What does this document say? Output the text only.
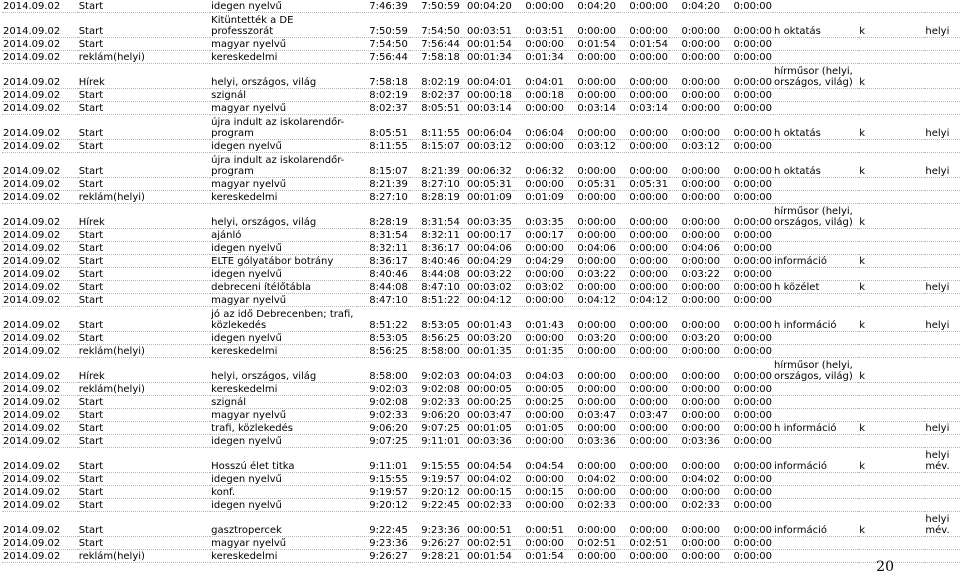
2014.09.02	Start	idegen nyelvű	7:46:39	7:50:59	00:04:20	0:00:00	0:04:20	0:00:00	0:04:20	0:00:00			
2014.09.02	Start	Kitüntették a DE professzorát	7:50:59	7:54:50	00:03:51	0:03:51	0:00:00	0:00:00	0:00:00	0:00:00	h oktatás	k	helyi
2014.09.02	Start	magyar nyelvű	7:54:50	7:56:44	00:01:54	0:00:00	0:01:54	0:01:54	0:00:00	0:00:00			
2014.09.02	reklám(helyi)	kereskedelmi	7:56:44	7:58:18	00:01:34	0:01:34	0:00:00	0:00:00	0:00:00	0:00:00			
2014.09.02	Hírek	helyi, országos, világ	7:58:18	8:02:19	00:04:01	0:04:01	0:00:00	0:00:00	0:00:00	0:00:00	hírműsor (helyi, országos, világ)	k	
2014.09.02	Start	szignál	8:02:19	8:02:37	00:00:18	0:00:18	0:00:00	0:00:00	0:00:00	0:00:00			
2014.09.02	Start	magyar nyelvű	8:02:37	8:05:51	00:03:14	0:00:00	0:03:14	0:03:14	0:00:00	0:00:00			
2014.09.02	Start	újra indult az iskolarendőr-program	8:05:51	8:11:55	00:06:04	0:06:04	0:00:00	0:00:00	0:00:00	0:00:00	h oktatás	k	helyi
2014.09.02	Start	idegen nyelvű	8:11:55	8:15:07	00:03:12	0:00:00	0:03:12	0:00:00	0:03:12	0:00:00			
2014.09.02	Start	újra indult az iskolarendőr-program	8:15:07	8:21:39	00:06:32	0:06:32	0:00:00	0:00:00	0:00:00	0:00:00	h oktatás	k	helyi
2014.09.02	Start	magyar nyelvű	8:21:39	8:27:10	00:05:31	0:00:00	0:05:31	0:05:31	0:00:00	0:00:00			
2014.09.02	reklám(helyi)	kereskedelmi	8:27:10	8:28:19	00:01:09	0:01:09	0:00:00	0:00:00	0:00:00	0:00:00			
2014.09.02	Hírek	helyi, országos, világ	8:28:19	8:31:54	00:03:35	0:03:35	0:00:00	0:00:00	0:00:00	0:00:00	hírműsor (helyi, országos, világ)	k	
2014.09.02	Start	ajánló	8:31:54	8:32:11	00:00:17	0:00:17	0:00:00	0:00:00	0:00:00	0:00:00			
2014.09.02	Start	idegen nyelvű	8:32:11	8:36:17	00:04:06	0:00:00	0:04:06	0:00:00	0:04:06	0:00:00			
2014.09.02	Start	ELTE gólyatábor botrány	8:36:17	8:40:46	00:04:29	0:04:29	0:00:00	0:00:00	0:00:00	0:00:00	információ	k	
2014.09.02	Start	idegen nyelvű	8:40:46	8:44:08	00:03:22	0:00:00	0:03:22	0:00:00	0:03:22	0:00:00			
2014.09.02	Start	debreceni ítélőtábla	8:44:08	8:47:10	00:03:02	0:03:02	0:00:00	0:00:00	0:00:00	0:00:00	h közélet	k	helyi
2014.09.02	Start	magyar nyelvű	8:47:10	8:51:22	00:04:12	0:00:00	0:04:12	0:04:12	0:00:00	0:00:00			
2014.09.02	Start	jó az idő Debrecenben; trafi, közlekedés	8:51:22	8:53:05	00:01:43	0:01:43	0:00:00	0:00:00	0:00:00	0:00:00	h információ	k	helyi
2014.09.02	Start	idegen nyelvű	8:53:05	8:56:25	00:03:20	0:00:00	0:03:20	0:00:00	0:03:20	0:00:00			
2014.09.02	reklám(helyi)	kereskedelmi	8:56:25	8:58:00	00:01:35	0:01:35	0:00:00	0:00:00	0:00:00	0:00:00			
2014.09.02	Hírek	helyi, országos, világ	8:58:00	9:02:03	00:04:03	0:04:03	0:00:00	0:00:00	0:00:00	0:00:00	hírműsor (helyi, országos, világ)	k	
2014.09.02	reklám(helyi)	kereskedelmi	9:02:03	9:02:08	00:00:05	0:00:05	0:00:00	0:00:00	0:00:00	0:00:00			
2014.09.02	Start	szignál	9:02:08	9:02:33	00:00:25	0:00:25	0:00:00	0:00:00	0:00:00	0:00:00			
2014.09.02	Start	magyar nyelvű	9:02:33	9:06:20	00:03:47	0:00:00	0:03:47	0:03:47	0:00:00	0:00:00			
2014.09.02	Start	trafi, közlekedés	9:06:20	9:07:25	00:01:05	0:01:05	0:00:00	0:00:00	0:00:00	0:00:00	h információ	k	helyi
2014.09.02	Start	idegen nyelvű	9:07:25	9:11:01	00:03:36	0:00:00	0:03:36	0:00:00	0:03:36	0:00:00			
2014.09.02	Start	Hosszú élet titka	9:11:01	9:15:55	00:04:54	0:04:54	0:00:00	0:00:00	0:00:00	0:00:00	információ	k	helyi mév.
2014.09.02	Start	idegen nyelvű	9:15:55	9:19:57	00:04:02	0:00:00	0:04:02	0:00:00	0:04:02	0:00:00			
2014.09.02	Start	konf.	9:19:57	9:20:12	00:00:15	0:00:15	0:00:00	0:00:00	0:00:00	0:00:00			
2014.09.02	Start	idegen nyelvű	9:20:12	9:22:45	00:02:33	0:00:00	0:02:33	0:00:00	0:02:33	0:00:00			
2014.09.02	Start	gasztropercek	9:22:45	9:23:36	00:00:51	0:00:51	0:00:00	0:00:00	0:00:00	0:00:00	információ	k	helyi mév.
2014.09.02	Start	magyar nyelvű	9:23:36	9:26:27	00:02:51	0:00:00	0:02:51	0:02:51	0:00:00	0:00:00			
2014.09.02	reklám(helyi)	kereskedelmi	9:26:27	9:28:21	00:01:54	0:01:54	0:00:00	0:00:00	0:00:00	0:00:00			
20
